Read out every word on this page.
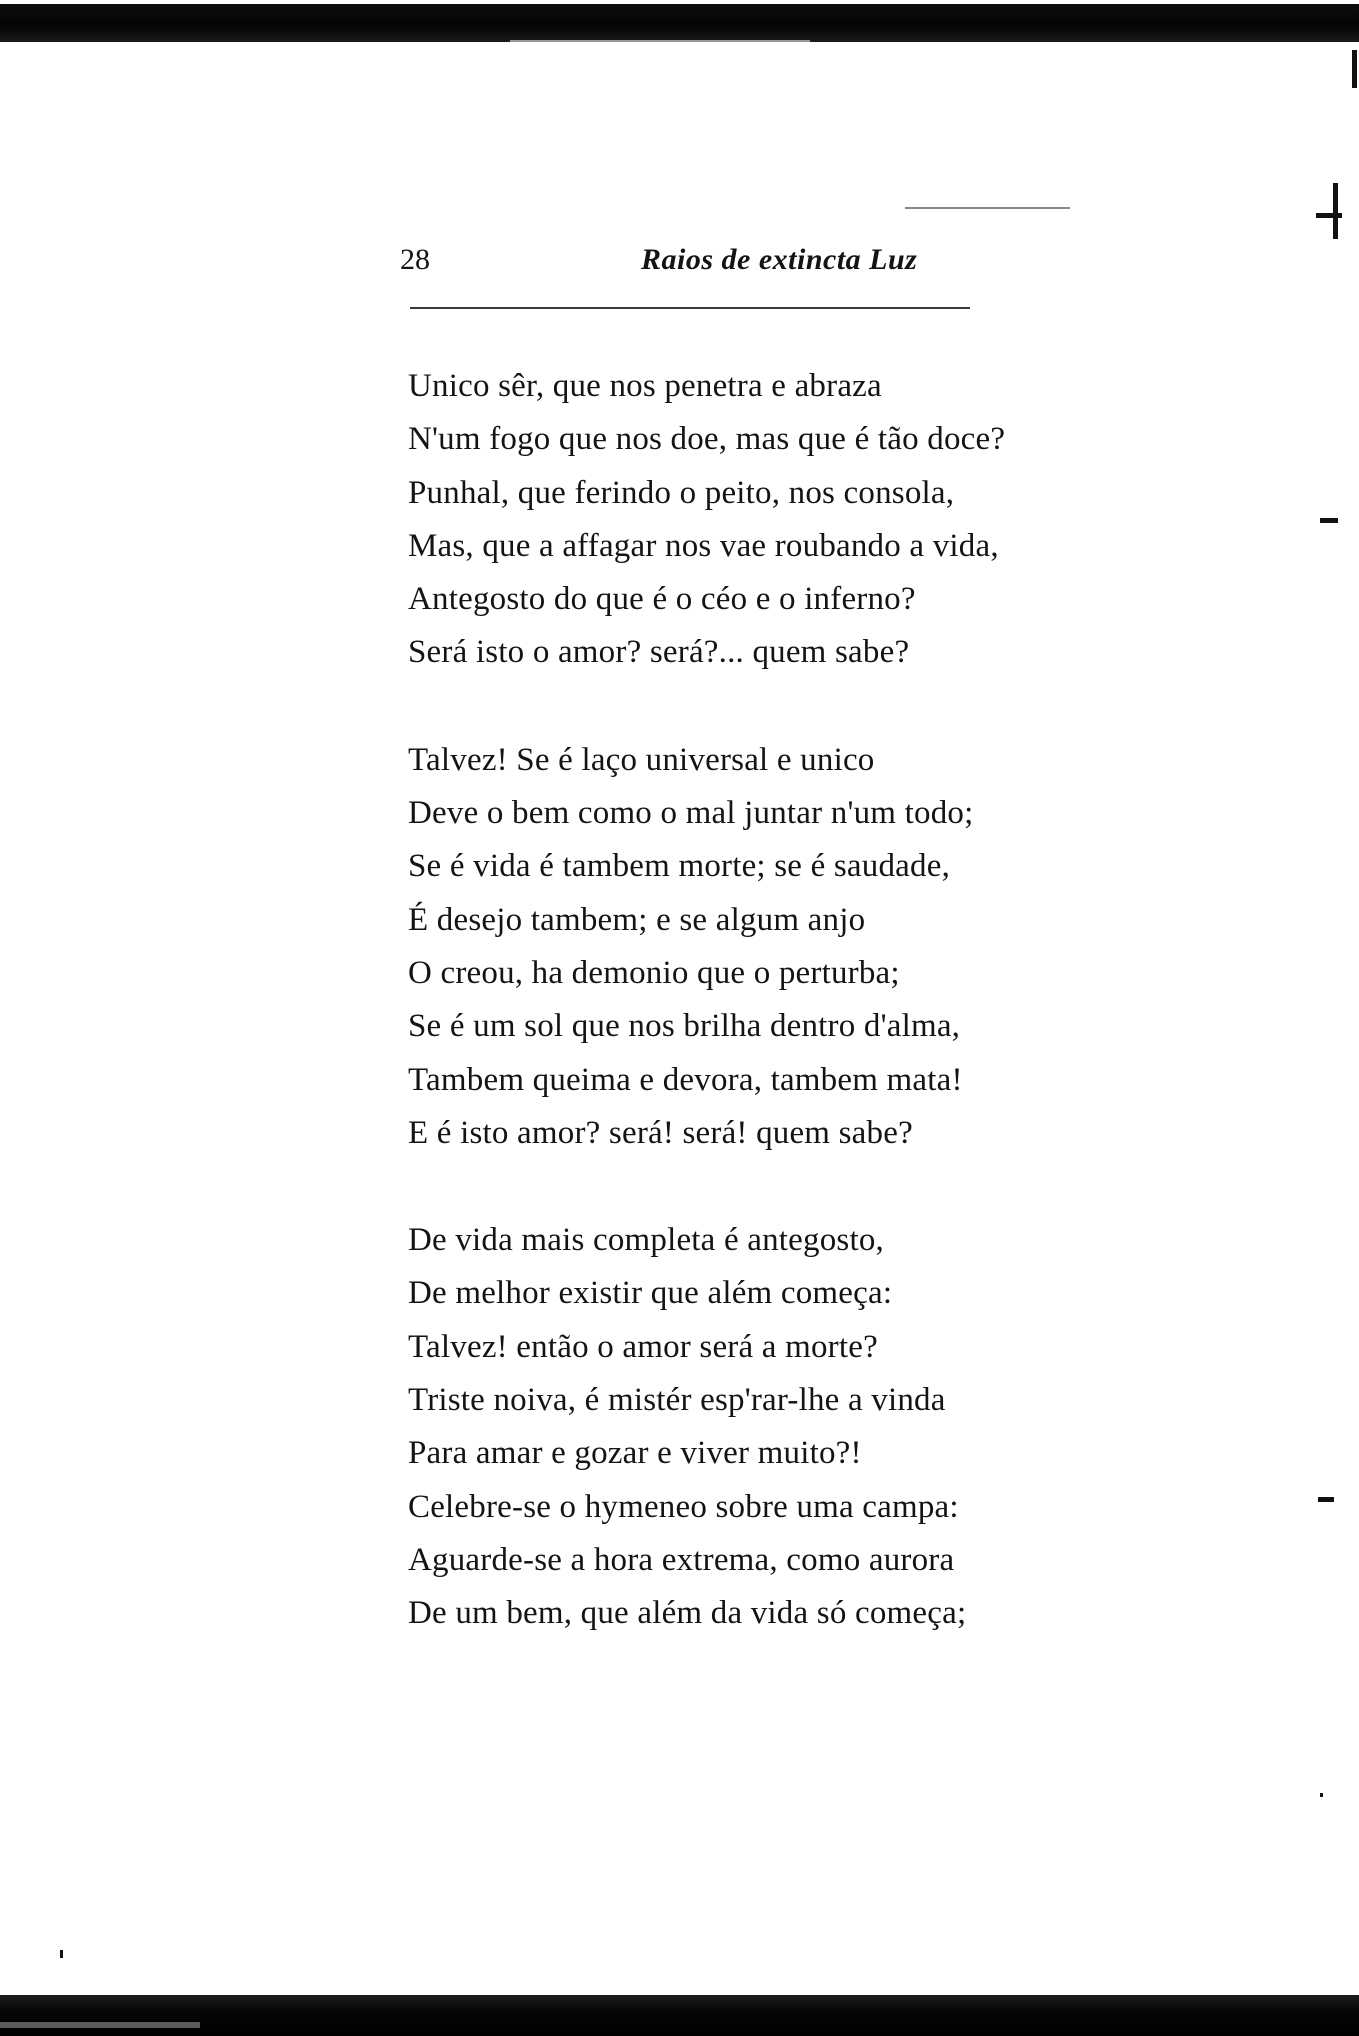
28	Raios de extincta Luz
Unico sêr, que nos penetra e abraza
N'um fogo que nos doe, mas que é tão doce?
Punhal, que ferindo o peito, nos consola,
Mas, que a affagar nos vae roubando a vida,
Antegosto do que é o céo e o inferno?
Será isto o amor? será?... quem sabe?
Talvez! Se é laço universal e unico
Deve o bem como o mal juntar n'um todo;
Se é vida é tambem morte; se é saudade,
É desejo tambem; e se algum anjo
O creou, ha demonio que o perturba;
Se é um sol que nos brilha dentro d'alma,
Tambem queima e devora, tambem mata!
E é isto amor? será! será! quem sabe?
De vida mais completa é antegosto,
De melhor existir que além começa:
Talvez! então o amor será a morte?
Triste noiva, é mistér esp'rar-lhe a vinda
Para amar e gozar e viver muito?!
Celebre-se o hymeneo sobre uma campa:
Aguarde-se a hora extrema, como aurora
De um bem, que além da vida só começa;
